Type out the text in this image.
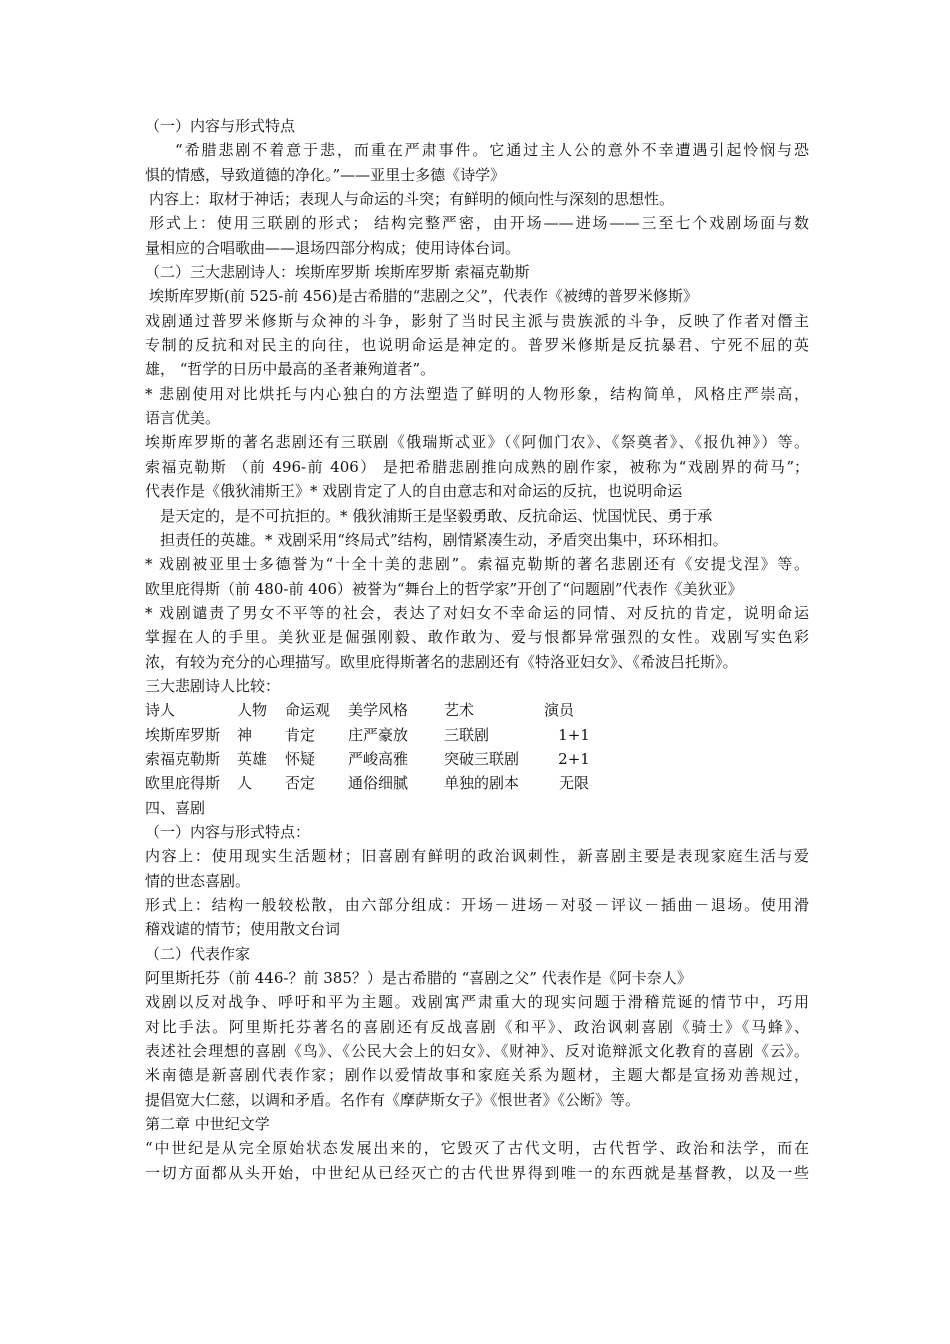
（一）内容与形式特点
“希腊悲剧不着意于悲，而重在严肃事件。它通过主人公的意外不幸遭遇引起怜悯与恐
惧的情感，导致道德的净化。”——亚里士多德《诗学》
内容上：取材于神话；表现人与命运的斗突；有鲜明的倾向性与深刻的思想性。
形式上：使用三联剧的形式； 结构完整严密，由开场——进场——三至七个戏剧场面与数
量相应的合唱歌曲——退场四部分构成；使用诗体台词。
（二）三大悲剧诗人：埃斯库罗斯 埃斯库罗斯 索福克勒斯
埃斯库罗斯(前 525-前 456)是古希腊的“悲剧之父”，代表作《被缚的普罗米修斯》
戏剧通过普罗米修斯与众神的斗争，影射了当时民主派与贵族派的斗争，反映了作者对僭主
专制的反抗和对民主的向往，也说明命运是神定的。普罗米修斯是反抗暴君、宁死不屈的英
雄， “哲学的日历中最高的圣者兼殉道者”。
* 悲剧使用对比烘托与内心独白的方法塑造了鲜明的人物形象，结构简单，风格庄严崇高，
语言优美。
埃斯库罗斯的著名悲剧还有三联剧《俄瑞斯忒亚》（《阿伽门农》、《祭奠者》、《报仇神》）等。
索福克勒斯 （前 496-前 406） 是把希腊悲剧推向成熟的剧作家，被称为“戏剧界的荷马”；
代表作是《俄狄浦斯王》* 戏剧肯定了人的自由意志和对命运的反抗，也说明命运
是天定的，是不可抗拒的。* 俄狄浦斯王是坚毅勇敢、反抗命运、忧国忧民、勇于承
担责任的英雄。* 戏剧采用“终局式”结构，剧情紧凑生动，矛盾突出集中，环环相扣。
* 戏剧被亚里士多德誉为“十全十美的悲剧”。索福克勒斯的著名悲剧还有《安提戈涅》等。
欧里庇得斯（前 480-前 406）被誉为“舞台上的哲学家”开创了“问题剧”代表作《美狄亚》
* 戏剧谴责了男女不平等的社会，表达了对妇女不幸命运的同情、对反抗的肯定，说明命运
掌握在人的手里。美狄亚是倔强刚毅、敢作敢为、爱与恨都异常强烈的女性。戏剧写实色彩
浓，有较为充分的心理描写。欧里庇得斯著名的悲剧还有《特洛亚妇女》、《希波吕托斯》。
三大悲剧诗人比较：
诗人	人物	命运观	美学风格	艺术	演员
埃斯库罗斯	神	肯定	庄严豪放	三联剧	1+1
索福克勒斯	英雄	怀疑	严峻高雅	突破三联剧	2+1
欧里庇得斯	人	否定	通俗细腻	单独的剧本	无限
四、喜剧
（一）内容与形式特点：
内容上：使用现实生活题材；旧喜剧有鲜明的政治讽刺性，新喜剧主要是表现家庭生活与爱
情的世态喜剧。
形式上：结构一般较松散，由六部分组成：开场－进场－对驳－评议－插曲－退场。使用滑
稽戏谑的情节；使用散文台词
（二）代表作家
阿里斯托芬（前 446-？前 385？）是古希腊的 “喜剧之父” 代表作是《阿卡奈人》
戏剧以反对战争、呼吁和平为主题。戏剧寓严肃重大的现实问题于滑稽荒诞的情节中，巧用
对比手法。阿里斯托芬著名的喜剧还有反战喜剧《和平》、政治讽刺喜剧《骑士》《马蜂》、
表述社会理想的喜剧《鸟》、《公民大会上的妇女》、《财神》、反对诡辩派文化教育的喜剧《云》。
米南德是新喜剧代表作家；剧作以爱情故事和家庭关系为题材，主题大都是宣扬劝善规过，
提倡宽大仁慈，以调和矛盾。名作有《摩萨斯女子》《恨世者》《公断》等。
第二章 中世纪文学
“中世纪是从完全原始状态发展出来的，它毁灭了古代文明，古代哲学、政治和法学，而在
一切方面都从头开始，中世纪从已经灭亡的古代世界得到唯一的东西就是基督教，以及一些
